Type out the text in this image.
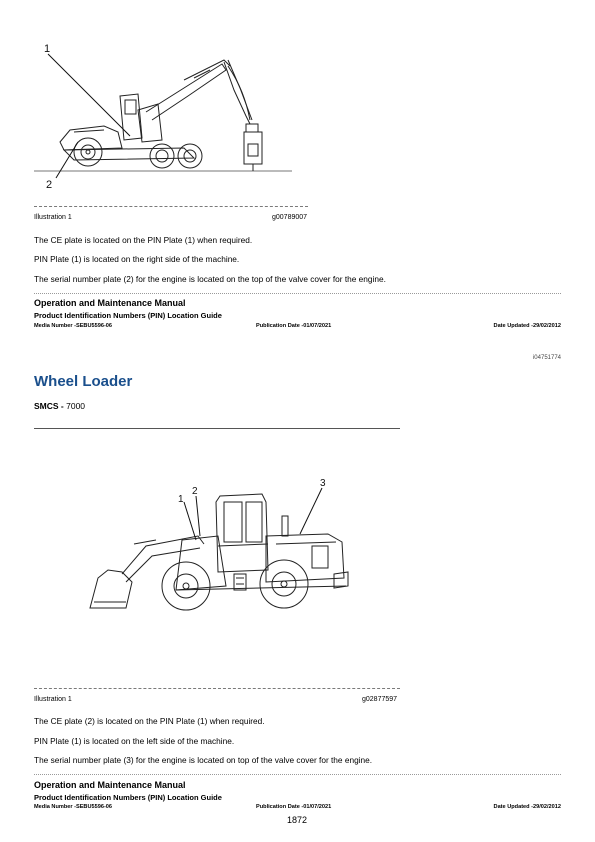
1
2
Illustration 1	g00789007
The CE plate is located on the PIN Plate (1) when required.
PIN Plate (1) is located on the right side of the machine.
The serial number plate (2) for the engine is located on the top of the valve cover for the engine.
Operation and Maintenance Manual
Product Identification Numbers (PIN) Location Guide
Media Number -SEBU5596-06	Publication Date -01/07/2021	Date Updated -29/02/2012
i04751774
Wheel Loader
SMCS - 7000
1
2
3
Illustration 1	g02877597
The CE plate (2) is located on the PIN Plate (1) when required.
PIN Plate (1) is located on the left side of the machine.
The serial number plate (3) for the engine is located on top of the valve cover for the engine.
Operation and Maintenance Manual
Product Identification Numbers (PIN) Location Guide
Media Number -SEBU5596-06	Publication Date -01/07/2021	Date Updated -29/02/2012
1872
